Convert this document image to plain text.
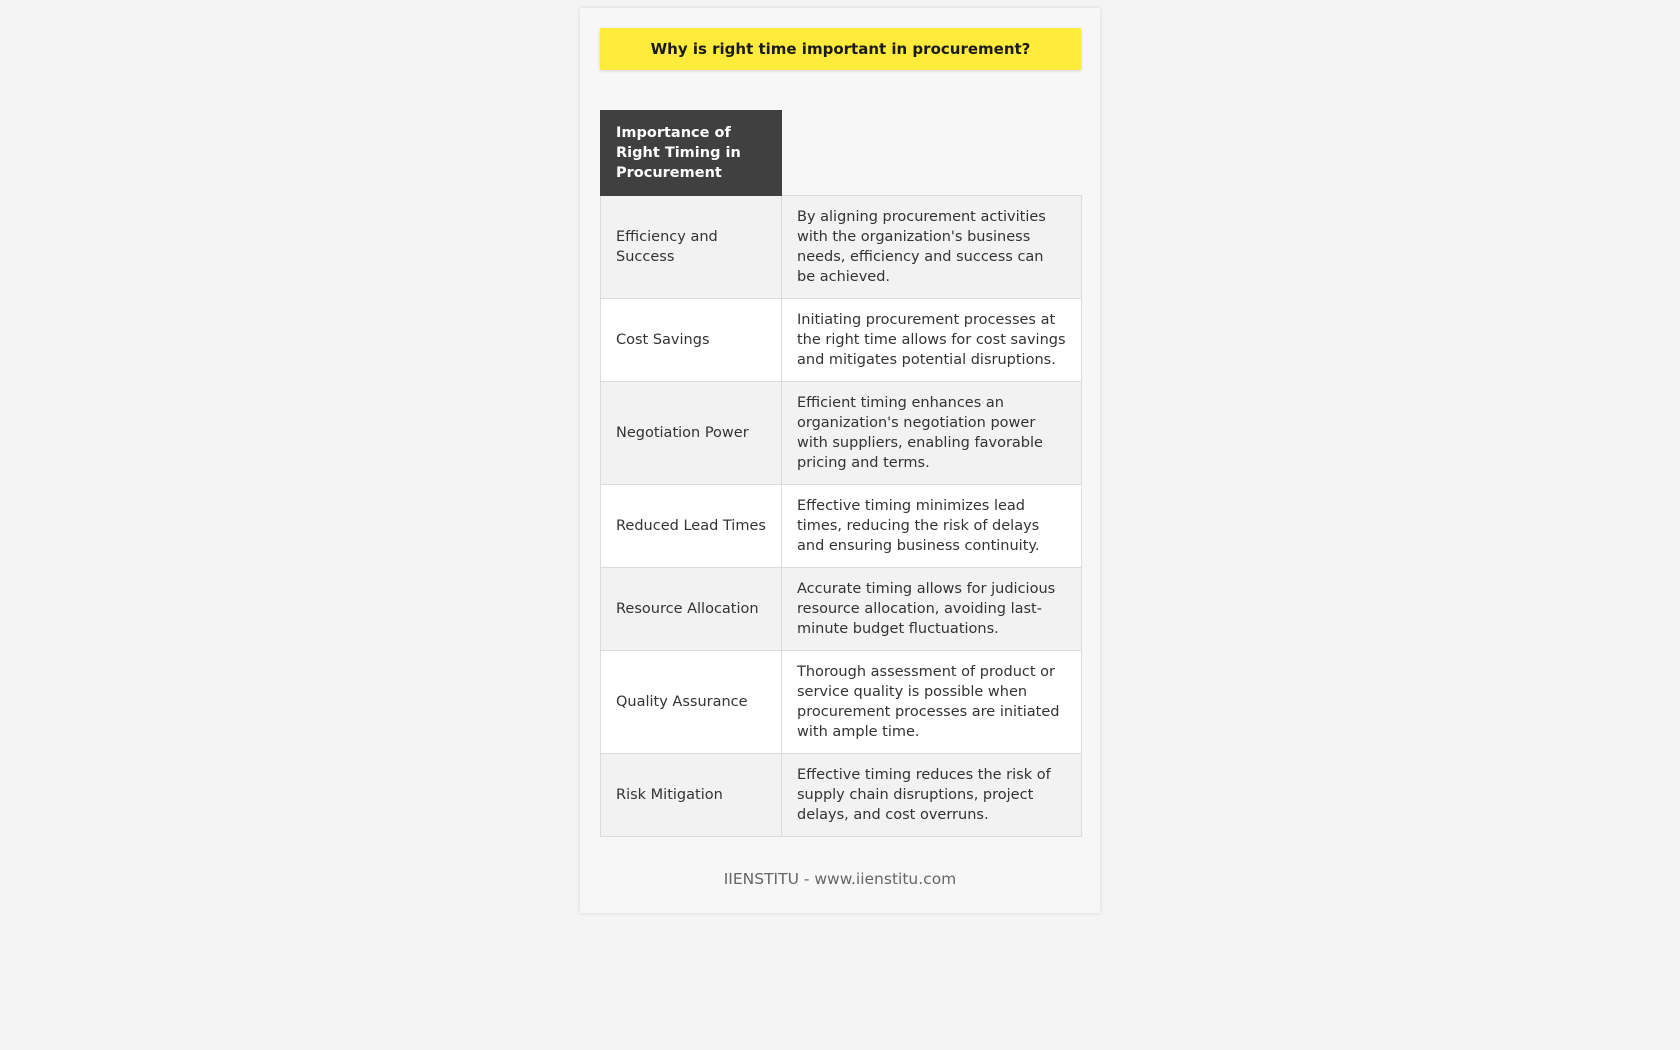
Why is right time important in procurement?
Importance of Right Timing in Procurement	
Efficiency and Success	By aligning procurement activities with the organization's business needs, efficiency and success can be achieved.
Cost Savings	Initiating procurement processes at the right time allows for cost savings and mitigates potential disruptions.
Negotiation Power	Efficient timing enhances an organization's negotiation power with suppliers, enabling favorable pricing and terms.
Reduced Lead Times	Effective timing minimizes lead times, reducing the risk of delays and ensuring business continuity.
Resource Allocation	Accurate timing allows for judicious resource allocation, avoiding last-minute budget fluctuations.
Quality Assurance	Thorough assessment of product or service quality is possible when procurement processes are initiated with ample time.
Risk Mitigation	Effective timing reduces the risk of supply chain disruptions, project delays, and cost overruns.
IIENSTITU - www.iienstitu.com
